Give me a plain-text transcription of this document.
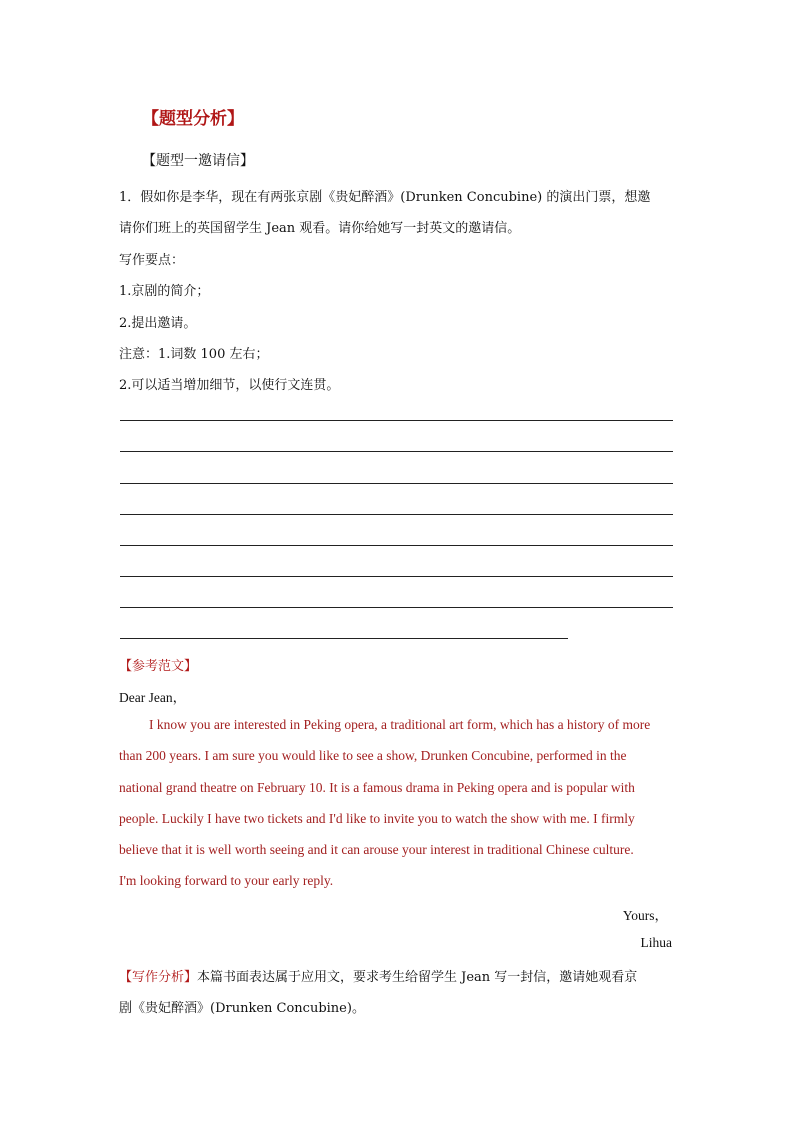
【题型分析】
【题型一邀请信】
1．假如你是李华，现在有两张京剧《贵妃醉酒》(Drunken Concubine) 的演出门票，想邀
请你们班上的英国留学生 Jean 观看。请你给她写一封英文的邀请信。
写作要点：
1.京剧的简介；
2.提出邀请。
注意：1.词数 100 左右；
2.可以适当增加细节，以使行文连贯。
【参考范文】
Dear Jean，
I know you are interested in Peking opera, a traditional art form, which has a history of more
than 200 years. I am sure you would like to see a show, Drunken Concubine, performed in the
national grand theatre on February 10. It is a famous drama in Peking opera and is popular with
people. Luckily I have two tickets and I'd like to invite you to watch the show with me. I firmly
believe that it is well worth seeing and it can arouse your interest in traditional Chinese culture.
I'm looking forward to your early reply.
Yours，
Lihua
【写作分析】本篇书面表达属于应用文，要求考生给留学生 Jean 写一封信，邀请她观看京
剧《贵妃醉酒》(Drunken Concubine)。
